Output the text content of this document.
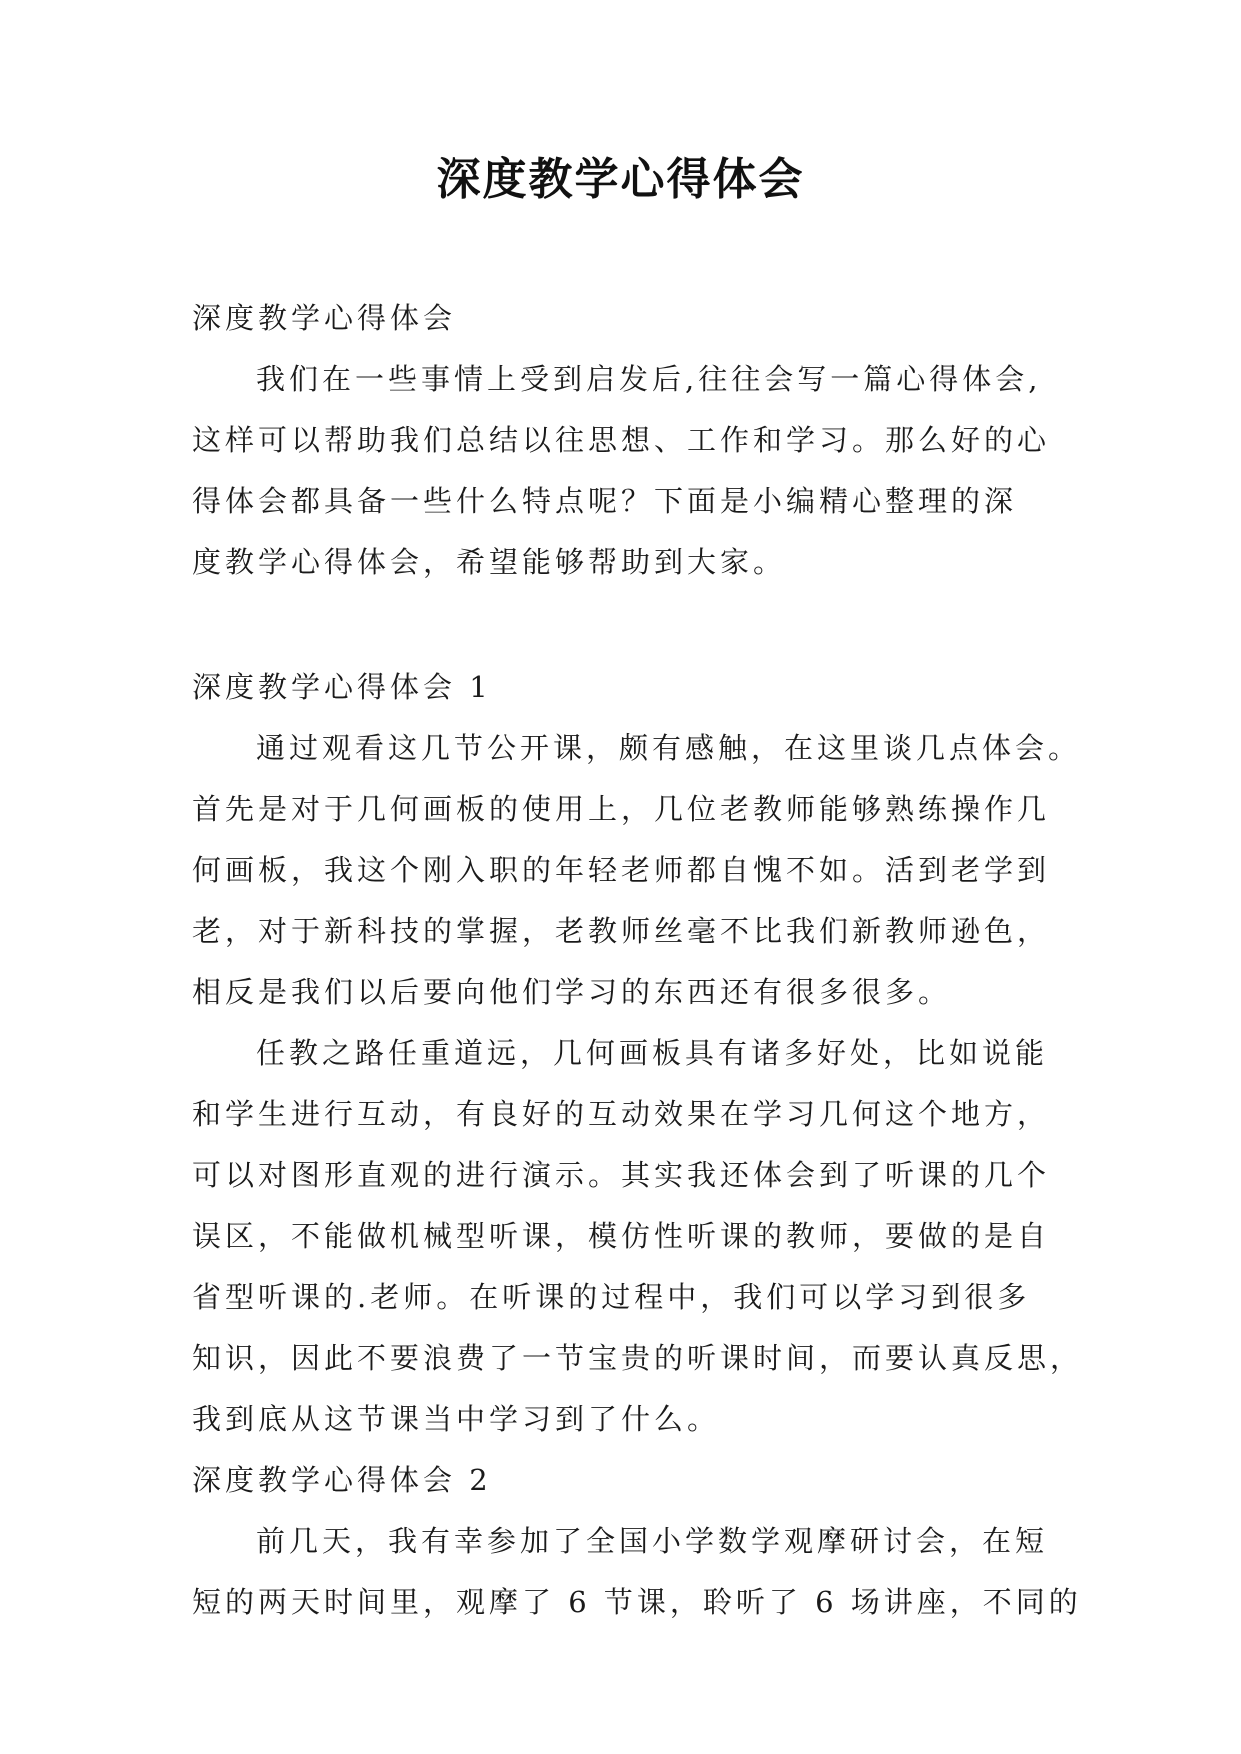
深度教学心得体会
深度教学心得体会
我们在一些事情上受到启发后,往往会写一篇心得体会,
这样可以帮助我们总结以往思想、工作和学习。那么好的心
得体会都具备一些什么特点呢？下面是小编精心整理的深
度教学心得体会，希望能够帮助到大家。
深度教学心得体会 1
通过观看这几节公开课，颇有感触，在这里谈几点体会。
首先是对于几何画板的使用上，几位老教师能够熟练操作几
何画板，我这个刚入职的年轻老师都自愧不如。活到老学到
老，对于新科技的掌握，老教师丝毫不比我们新教师逊色，
相反是我们以后要向他们学习的东西还有很多很多。
任教之路任重道远，几何画板具有诸多好处，比如说能
和学生进行互动，有良好的互动效果在学习几何这个地方，
可以对图形直观的进行演示。其实我还体会到了听课的几个
误区，不能做机械型听课，模仿性听课的教师，要做的是自
省型听课的.老师。在听课的过程中，我们可以学习到很多
知识，因此不要浪费了一节宝贵的听课时间，而要认真反思，
我到底从这节课当中学习到了什么。
深度教学心得体会 2
前几天，我有幸参加了全国小学数学观摩研讨会，在短
短的两天时间里，观摩了 6 节课，聆听了 6 场讲座，不同的
